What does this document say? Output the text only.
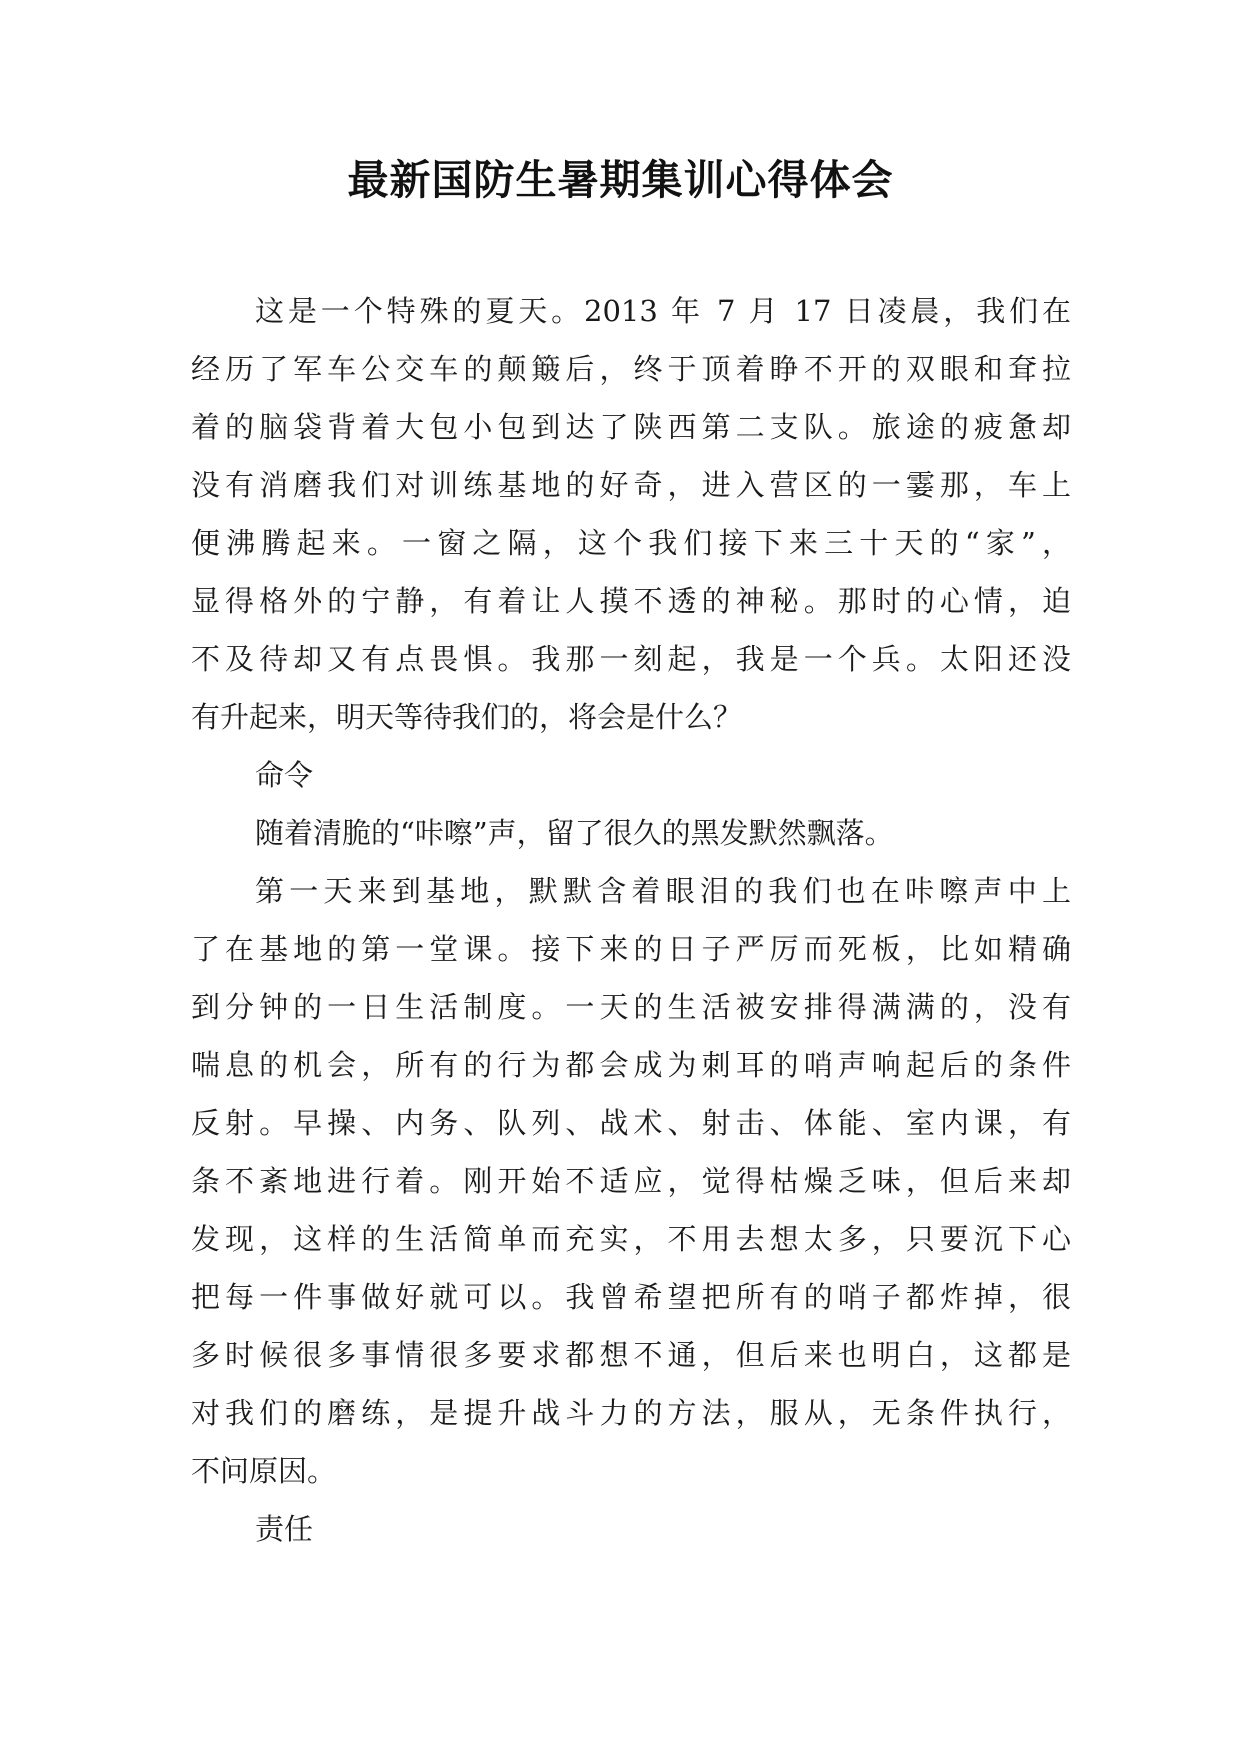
最新国防生暑期集训心得体会
这是一个特殊的夏天。2013 年 7 月 17 日凌晨，我们在
经历了军车公交车的颠簸后，终于顶着睁不开的双眼和耷拉
着的脑袋背着大包小包到达了陕西第二支队。旅途的疲惫却
没有消磨我们对训练基地的好奇，进入营区的一霎那，车上
便沸腾起来。一窗之隔，这个我们接下来三十天的“家”，
显得格外的宁静，有着让人摸不透的神秘。那时的心情，迫
不及待却又有点畏惧。我那一刻起，我是一个兵。太阳还没
有升起来，明天等待我们的，将会是什么？
命令
随着清脆的“咔嚓”声，留了很久的黑发默然飘落。
第一天来到基地，默默含着眼泪的我们也在咔嚓声中上
了在基地的第一堂课。接下来的日子严厉而死板，比如精确
到分钟的一日生活制度。一天的生活被安排得满满的，没有
喘息的机会，所有的行为都会成为刺耳的哨声响起后的条件
反射。早操、内务、队列、战术、射击、体能、室内课，有
条不紊地进行着。刚开始不适应，觉得枯燥乏味，但后来却
发现，这样的生活简单而充实，不用去想太多，只要沉下心
把每一件事做好就可以。我曾希望把所有的哨子都炸掉，很
多时候很多事情很多要求都想不通，但后来也明白，这都是
对我们的磨练，是提升战斗力的方法，服从，无条件执行，
不问原因。
责任
